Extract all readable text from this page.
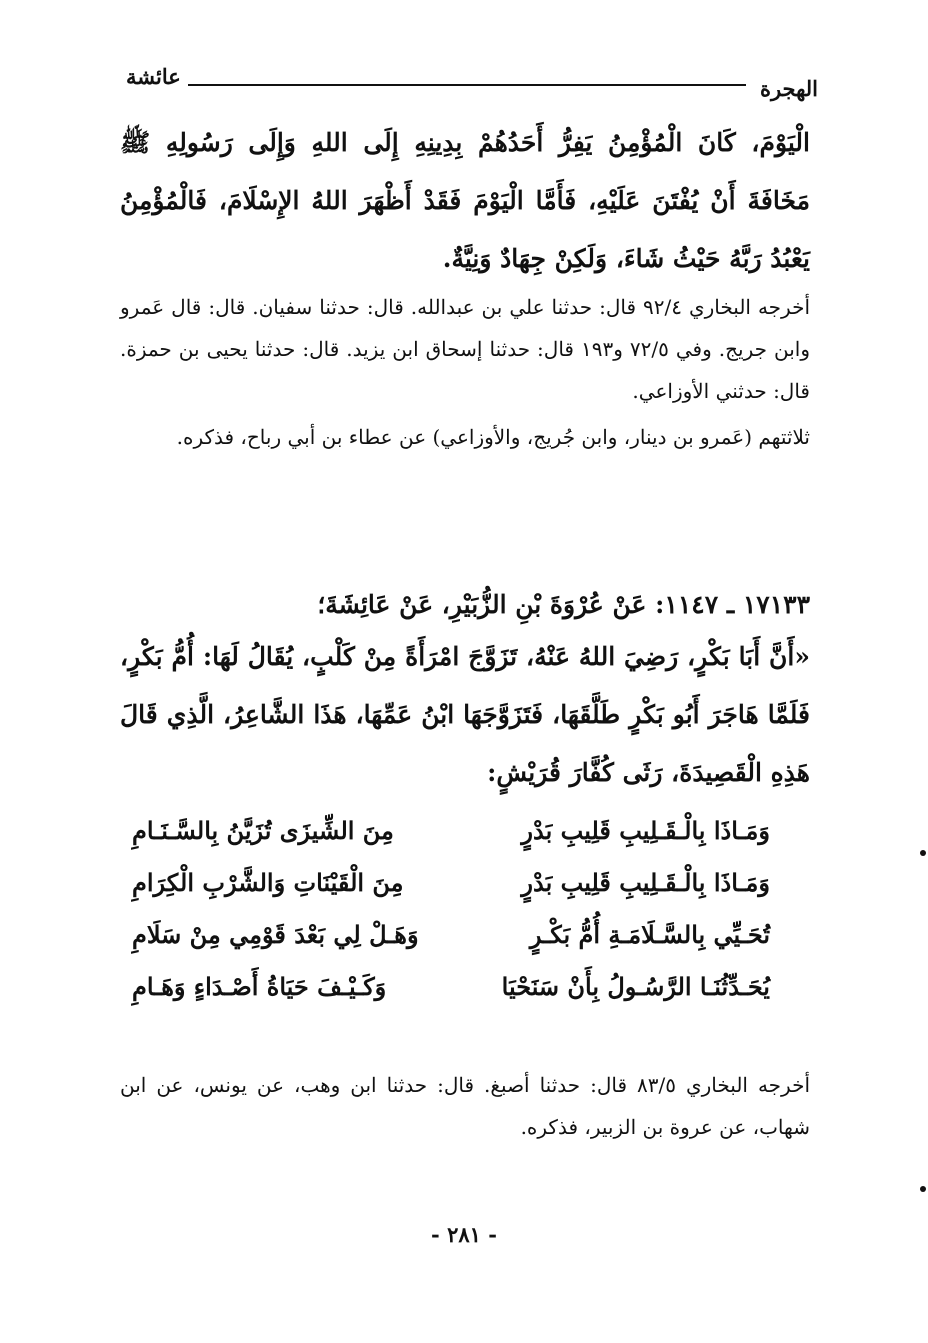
الهجرة
عائشة
الْيَوْمَ، كَانَ الْمُؤْمِنُ يَفِرُّ أَحَدُهُمْ بِدِينِهِ إِلَى اللهِ وَإِلَى رَسُولِهِ ﷺ مَخَافَةَ أَنْ يُفْتَنَ عَلَيْهِ، فَأَمَّا الْيَوْمَ فَقَدْ أَظْهَرَ اللهُ الإِسْلَامَ، فَالْمُؤْمِنُ يَعْبُدُ رَبَّهُ حَيْثُ شَاءَ، وَلَكِنْ جِهَادٌ وَنِيَّةٌ.
أخرجه البخاري ٩٢/٤ قال: حدثنا علي بن عبدالله. قال: حدثنا سفيان. قال: قال عَمرو وابن جريج. وفي ٧٢/٥ و١٩٣ قال: حدثنا إسحاق ابن يزيد. قال: حدثنا يحيى بن حمزة. قال: حدثني الأوزاعي.
ثلاثتهم (عَمرو بن دينار، وابن جُريج، والأوزاعي) عن عطاء بن أبي رباح، فذكره.
١٧١٣٣ ـ ١١٤٧: عَنْ عُرْوَةَ بْنِ الزُّبَيْرِ، عَنْ عَائِشَةَ؛
«أَنَّ أَبَا بَكْرٍ، رَضِيَ اللهُ عَنْهُ، تَزَوَّجَ امْرَأَةً مِنْ كَلْبٍ، يُقَالُ لَهَا: أُمُّ بَكْرٍ، فَلَمَّا هَاجَرَ أَبُو بَكْرٍ طَلَّقَهَا، فَتَزَوَّجَهَا ابْنُ عَمِّهَا، هَذَا الشَّاعِرُ، الَّذِي قَالَ هَذِهِ الْقَصِيدَةَ، رَثَى كُفَّارَ قُرَيْشٍ:
وَمَـاذَا بِالْـقَـلِيبِ قَلِيبِ بَدْرٍ
مِنَ الشِّيزَى تُزَيَّنُ بِالسَّـنَـامِ
وَمَـاذَا بِالْـقَـلِيبِ قَلِيبِ بَدْرٍ
مِنَ الْقَيْنَاتِ وَالشَّرْبِ الْكِرَامِ
تُحَـيِّي بِالسَّـلَامَـةِ أُمُّ بَكْـرٍ
وَهَـلْ لِي بَعْدَ قَوْمِي مِنْ سَلَامِ
يُحَـدِّثُنَـا الرَّسُـولُ بِأَنْ سَنَحْيَا
وَكَـيْـفَ حَيَاةُ أَصْـدَاءٍ وَهَـامِ
أخرجه البخاري ٨٣/٥ قال: حدثنا أصبغ. قال: حدثنا ابن وهب، عن يونس، عن ابن شهاب، عن عروة بن الزبير، فذكره.
- ٢٨١ -
